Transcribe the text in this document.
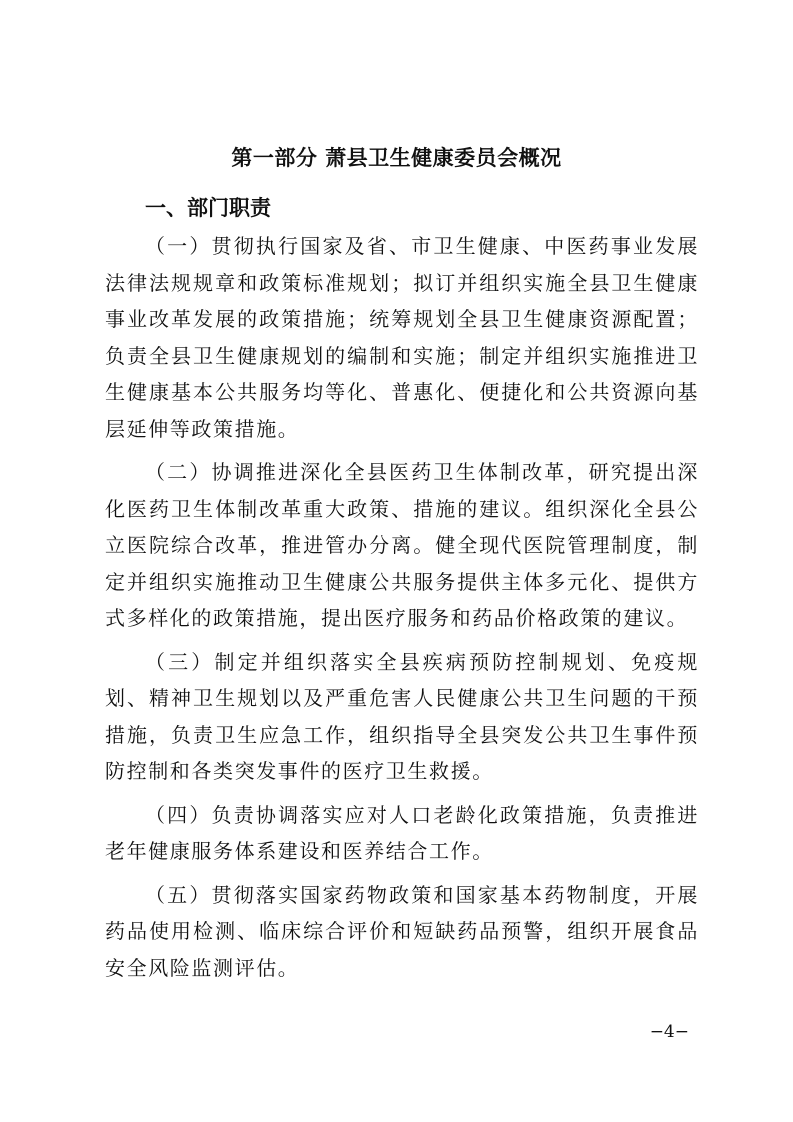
第一部分 萧县卫生健康委员会概况
一、部门职责

（一）贯彻执行国家及省、市卫生健康、中医药事业发展法律法规规章和政策标准规划；拟订并组织实施全县卫生健康事业改革发展的政策措施；统筹规划全县卫生健康资源配置；负责全县卫生健康规划的编制和实施；制定并组织实施推进卫生健康基本公共服务均等化、普惠化、便捷化和公共资源向基层延伸等政策措施。

（二）协调推进深化全县医药卫生体制改革，研究提出深化医药卫生体制改革重大政策、措施的建议。组织深化全县公立医院综合改革，推进管办分离。健全现代医院管理制度，制定并组织实施推动卫生健康公共服务提供主体多元化、提供方式多样化的政策措施，提出医疗服务和药品价格政策的建议。

（三）制定并组织落实全县疾病预防控制规划、免疫规划、精神卫生规划以及严重危害人民健康公共卫生问题的干预措施，负责卫生应急工作，组织指导全县突发公共卫生事件预防控制和各类突发事件的医疗卫生救援。

（四）负责协调落实应对人口老龄化政策措施，负责推进老年健康服务体系建设和医养结合工作。

（五）贯彻落实国家药物政策和国家基本药物制度，开展药品使用检测、临床综合评价和短缺药品预警，组织开展食品安全风险监测评估。

−4−
